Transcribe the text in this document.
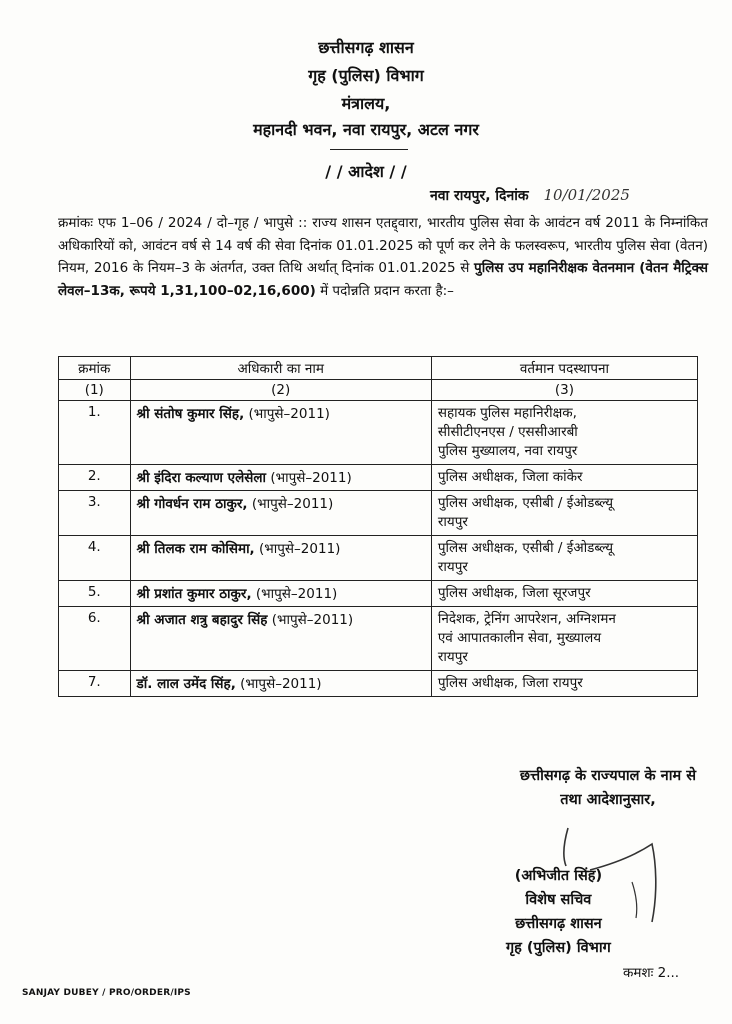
छत्तीसगढ़ शासन
गृह (पुलिस) विभाग
मंत्रालय,
महानदी भवन, नवा रायपुर, अटल नगर
/ / आदेश / /
नवा रायपुर, दिनांक 10/01/2025
क्रमांकः एफ 1–06 / 2024 / दो–गृह / भापुसे :: राज्य शासन एतद्द्वारा, भारतीय पुलिस सेवा के आवंटन वर्ष 2011 के निम्नांकित अधिकारियों को, आवंटन वर्ष से 14 वर्ष की सेवा दिनांक 01.01.2025 को पूर्ण कर लेने के फलस्वरूप, भारतीय पुलिस सेवा (वेतन) नियम, 2016 के नियम–3 के अंतर्गत, उक्त तिथि अर्थात् दिनांक 01.01.2025 से पुलिस उप महानिरीक्षक वेतनमान (वेतन मैट्रिक्स लेवल–13क, रूपये 1,31,100–02,16,600) में पदोन्नति प्रदान करता है:–
क्रमांक	अधिकारी का नाम	वर्तमान पदस्थापना
(1)	(2)	(3)
1.	श्री संतोष कुमार सिंह, (भापुसे–2011)	सहायक पुलिस महानिरीक्षक,
सीसीटीएनएस / एससीआरबी
पुलिस मुख्यालय, नवा रायपुर

2.	श्री इंदिरा कल्याण एलेसेला (भापुसे–2011)	पुलिस अधीक्षक, जिला कांकेर

3.	श्री गोवर्धन राम ठाकुर, (भापुसे–2011)	पुलिस अधीक्षक, एसीबी / ईओडब्ल्यू
रायपुर

4.	श्री तिलक राम कोसिमा, (भापुसे–2011)	पुलिस अधीक्षक, एसीबी / ईओडब्ल्यू
रायपुर

5.	श्री प्रशांत कुमार ठाकुर, (भापुसे–2011)	पुलिस अधीक्षक, जिला सूरजपुर

6.	श्री अजात शत्रु बहादुर सिंह (भापुसे–2011)	निदेशक, ट्रेनिंग आपरेशन, अग्निशमन
एवं आपातकालीन सेवा, मुख्यालय
रायपुर

7.	डॉ. लाल उमेंद सिंह, (भापुसे–2011)	पुलिस अधीक्षक, जिला रायपुर
छत्तीसगढ़ के राज्यपाल के नाम से
तथा आदेशानुसार,
(अभिजीत सिंह)
विशेष सचिव
छत्तीसगढ़ शासन
गृह (पुलिस) विभाग
कमशः 2...
SANJAY DUBEY / PRO/ORDER/IPS
